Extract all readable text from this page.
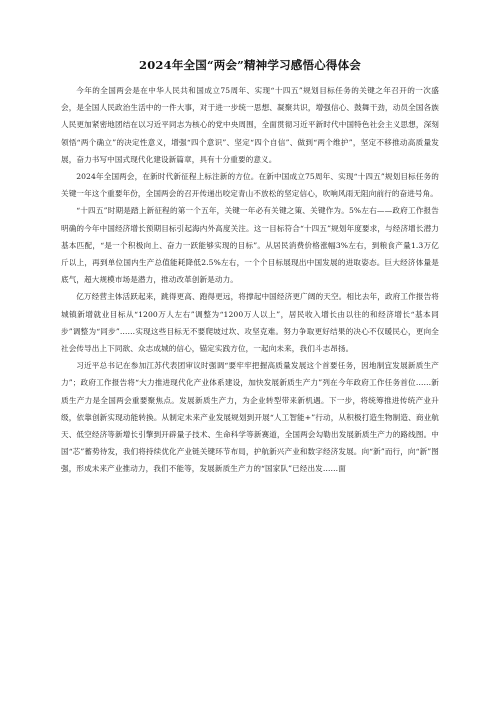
2024年全国“两会”精神学习感悟心得体会

今年的全国两会是在中华人民共和国成立75周年、实现“十四五”规划目标任务的关键之年召开的一次盛会，是全国人民政治生活中的一件大事，对于进一步统一思想、凝聚共识，增强信心、鼓舞干劲，动员全国各族人民更加紧密地团结在以习近平同志为核心的党中央周围，全面贯彻习近平新时代中国特色社会主义思想，深刻领悟“两个确立”的决定性意义，增强“四个意识”、坚定“四个自信”、做到“两个维护”，坚定不移推动高质量发展，奋力书写中国式现代化建设新篇章，具有十分重要的意义。

2024年全国两会，在新时代新征程上标注新的方位。在新中国成立75周年、实现“十四五”规划目标任务的关键一年这个重要年份，全国两会的召开传递出咬定青山不放松的坚定信心，吹响风雨无阻向前行的奋进号角。

“十四五”时期是踏上新征程的第一个五年，关键一年必有关键之策、关键作为。5%左右——政府工作报告明确的今年中国经济增长预期目标引起海内外高度关注。这一目标符合“十四五”规划年度要求，与经济增长潜力基本匹配，“是一个积极向上、奋力一跃能够实现的目标”。从居民消费价格涨幅3%左右，到粮食产量1.3万亿斤以上，再到单位国内生产总值能耗降低2.5%左右，一个个目标展现出中国发展的进取姿态。巨大经济体量是底气，超大规模市场是潜力，推动改革创新是动力。

亿万经营主体活跃起来，跳得更高、跑得更远，将撑起中国经济更广阔的天空。相比去年，政府工作报告将城镇新增就业目标从“1200万人左右”调整为“1200万人以上”，居民收入增长由以往的和经济增长“基本同步”调整为“同步”……实现这些目标无不要爬坡过坎、攻坚克难。努力争取更好结果的决心不仅暖民心，更向全社会传导出上下同欲、众志成城的信心，锚定实践方位，一起向未来，我们斗志昂扬。

习近平总书记在参加江苏代表团审议时强调“要牢牢把握高质量发展这个首要任务，因地制宜发展新质生产力”；政府工作报告将“大力推进现代化产业体系建设，加快发展新质生产力”列在今年政府工作任务首位……新质生产力是全国两会重要聚焦点。发展新质生产力，为企业转型带来新机遇。下一步，将统筹推进传统产业升级，依靠创新实现动能转换。从制定未来产业发展规划到开展“人工智能+”行动，从积极打造生物制造、商业航天、低空经济等新增长引擎到开辟量子技术、生命科学等新赛道，全国两会勾勒出发展新质生产力的路线图。中国“芯”蓄势待发，我们将持续优化产业链关键环节布局，护航新兴产业和数字经济发展。向“新”而行，向“新”图强，形成未来产业推动力，我们不能等，发展新质生产力的“国家队”已经出发……面
